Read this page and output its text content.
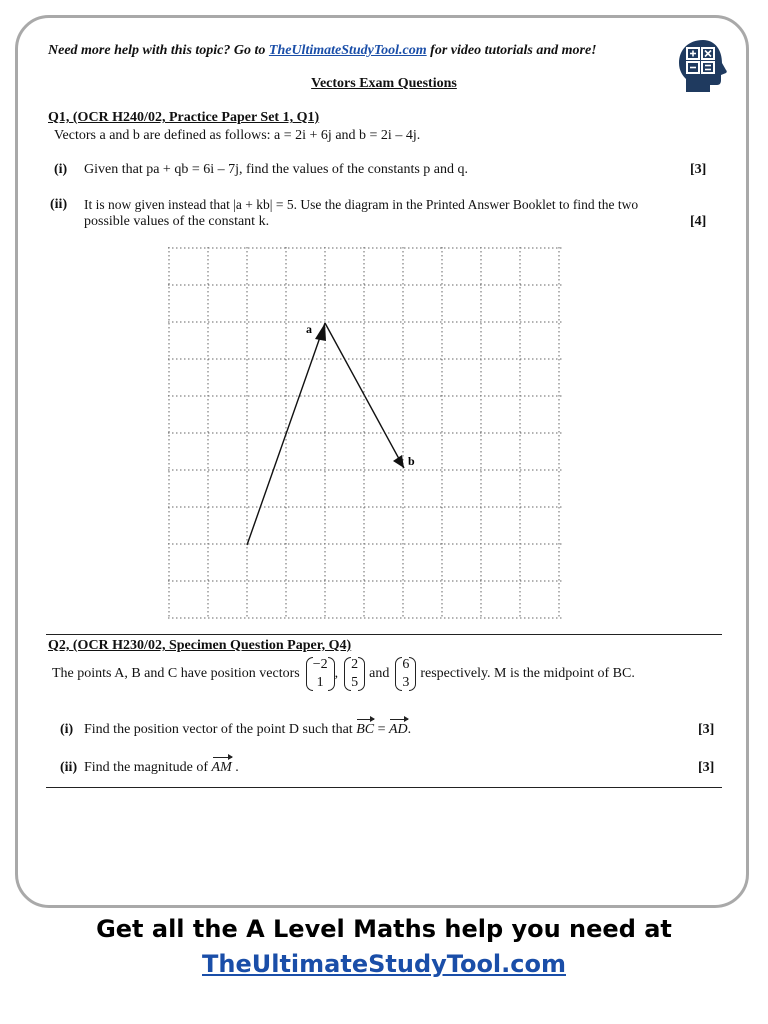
Need more help with this topic? Go to TheUltimateStudyTool.com for video tutorials and more!

Vectors Exam Questions

Q1, (OCR H240/02, Practice Paper Set 1, Q1)

Vectors a and b are defined as follows: a = 2i + 6j and b = 2i – 4j.

(i) Given that pa + qb = 6i – 7j, find the values of the constants p and q.	[3]

(ii) It is now given instead that |a + kb| = 5. Use the diagram in the Printed Answer Booklet to find the two

possible values of the constant k.	[4]

a
b

Q2, (OCR H230/02, Specimen Question Paper, Q4)

The points A, B and C have position vectors
−2
1
,
2
5
and
6
3
respectively. M is the midpoint of BC.

(i) Find the position vector of the point D such that BC = AD.	[3]

(ii) Find the magnitude of AM .	[3]

Get all the A Level Maths help you need at

TheUltimateStudyTool.com
